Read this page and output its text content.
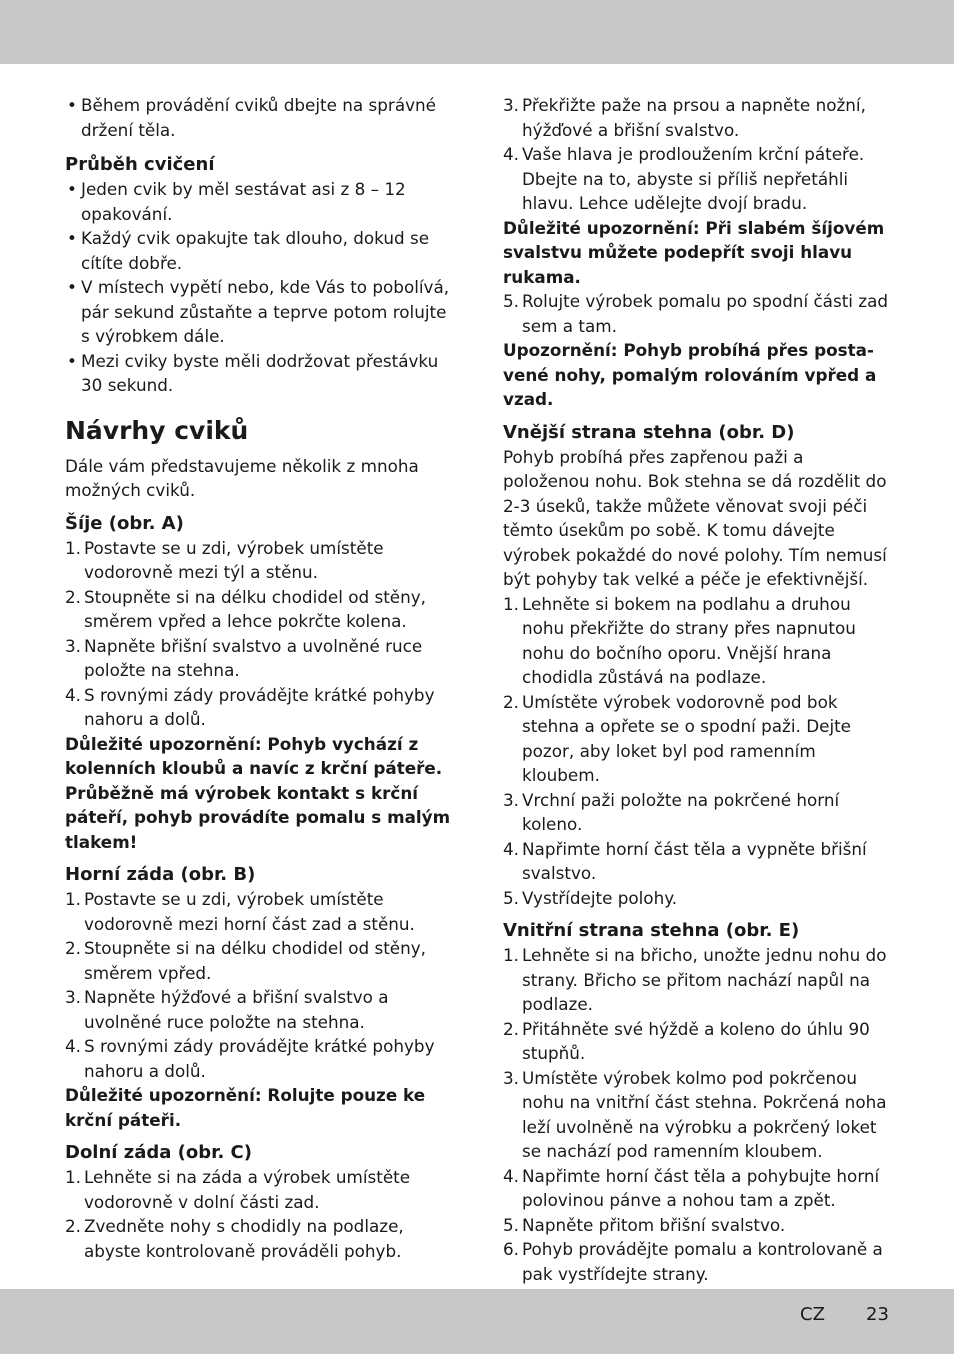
• Během provádění cviků dbejte na správné držení těla.
Průběh cvičení
• Jeden cvik by měl sestávat asi z 8 – 12 opakování.
• Každý cvik opakujte tak dlouho, dokud se cítíte dobře.
• V místech vypětí nebo, kde Vás to pobolívá, pár sekund zůstaňte a teprve potom rolujte s výrobkem dále.
• Mezi cviky byste měli dodržovat přestávku 30 sekund.
Návrhy cviků

Dále vám představujeme několik z mnoha možných cviků.

Šíje (obr. A)
1. Postavte se u zdi, výrobek umístěte vodorovně mezi týl a stěnu.
2. Stoupněte si na délku chodidel od stěny, směrem vpřed a lehce pokrčte kolena.
3. Napněte břišní svalstvo a uvolněné ruce položte na stehna.
4. S rovnými zády provádějte krátké pohyby nahoru a dolů.

Důležité upozornění: Pohyb vychází z kolenních kloubů a navíc z krční páteře. Průběžně má výrobek kontakt s krční páteří, pohyb provádíte pomalu s malým tlakem!

Horní záda (obr. B)
1. Postavte se u zdi, výrobek umístěte vodorovně mezi horní část zad a stěnu.
2. Stoupněte si na délku chodidel od stěny, směrem vpřed.
3. Napněte hýžďové a břišní svalstvo a uvolněné ruce položte na stehna.
4. S rovnými zády provádějte krátké pohyby nahoru a dolů.

Důležité upozornění: Rolujte pouze ke krční páteři.

Dolní záda (obr. C)
1. Lehněte si na záda a výrobek umístěte vodorovně v dolní části zad.
2. Zvedněte nohy s chodidly na podlaze, abyste kontrolovaně prováděli pohyb.
3. Překřižte paže na prsou a napněte nožní, hýžďové a břišní svalstvo.
4. Vaše hlava je prodloužením krční páteře. Dbejte na to, abyste si příliš nepřetáhli hlavu. Lehce udělejte dvojí bradu.

Důležité upozornění: Při slabém šíjovém svalstvu můžete podepřít svoji hlavu rukama.

5. Rolujte výrobek pomalu po spodní části zad sem a tam.

Upozornění: Pohyb probíhá přes postavené nohy, pomalým rolováním vpřed a vzad.

Vnější strana stehna (obr. D)

Pohyb probíhá přes zapřenou paži a položenou nohu. Bok stehna se dá rozdělit do 2-3 úseků, takže můžete věnovat svoji péči těmto úsekům po sobě. K tomu dávejte výrobek pokaždé do nové polohy. Tím nemusí být pohyby tak velké a péče je efektivnější.

1. Lehněte si bokem na podlahu a druhou nohu překřižte do strany přes napnutou nohu do bočního oporu. Vnější hrana chodidla zůstává na podlaze.
2. Umístěte výrobek vodorovně pod bok stehna a opřete se o spodní paži. Dejte pozor, aby loket byl pod ramenním kloubem.
3. Vrchní paži položte na pokrčené horní koleno.
4. Napřimte horní část těla a vypněte břišní svalstvo.
5. Vystřídejte polohy.
Vnitřní strana stehna (obr. E)
1. Lehněte si na břicho, unožte jednu nohu do strany. Břicho se přitom nachází napůl na podlaze.
2. Přitáhněte své hýždě a koleno do úhlu 90 stupňů.
3. Umístěte výrobek kolmo pod pokrčenou nohu na vnitřní část stehna. Pokrčená noha leží uvolněně na výrobku a pokrčený loket se nachází pod ramenním kloubem.
4. Napřimte horní část těla a pohybujte horní polovinou pánve a nohou tam a zpět.
5. Napněte přitom břišní svalstvo.
6. Pohyb provádějte pomalu a kontrolovaně a pak vystřídejte strany.
CZ 23
